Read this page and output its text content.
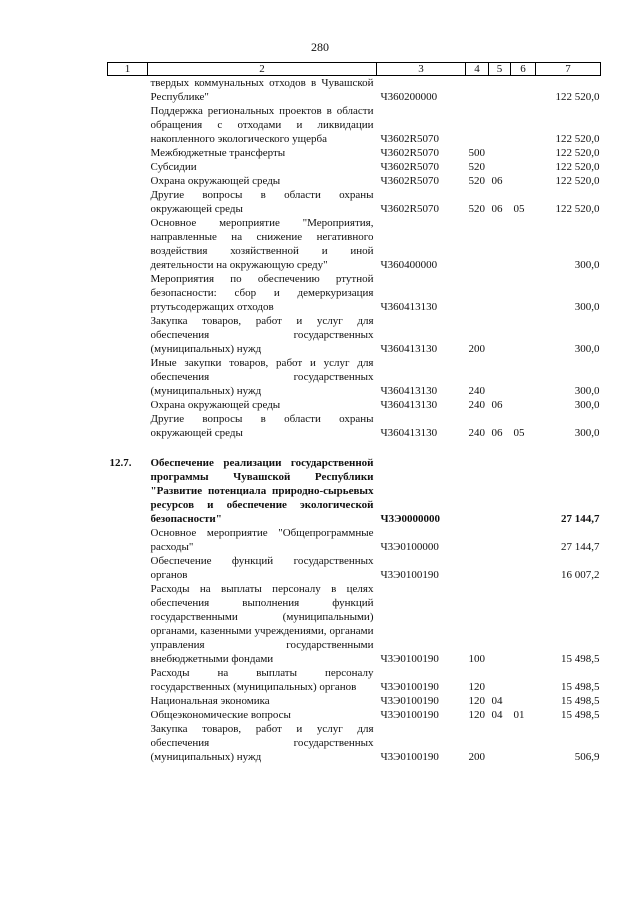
280
1	2	3	4	5	6	7
	твердых коммунальных отходов в Чувашской Республике"	Ч360200000				122 520,0
	Поддержка региональных проектов в области обращения с отходами и ликвидации накопленного экологического ущерба	Ч3602R5070				122 520,0
	Межбюджетные трансферты	Ч3602R5070	500			122 520,0
	Субсидии	Ч3602R5070	520			122 520,0
	Охрана окружающей среды	Ч3602R5070	520	06		122 520,0
	Другие вопросы в области охраны окружающей среды	Ч3602R5070	520	06	05	122 520,0
	Основное мероприятие "Мероприятия, направленные на снижение негативного воздействия хозяйственной и иной деятельности на окружающую среду"	Ч360400000				300,0
	Мероприятия по обеспечению ртутной безопасности: сбор и демеркуризация ртутьсодержащих отходов	Ч360413130				300,0
	Закупка товаров, работ и услуг для обеспечения государственных (муниципальных) нужд	Ч360413130	200			300,0
	Иные закупки товаров, работ и услуг для обеспечения государственных (муниципальных) нужд	Ч360413130	240			300,0
	Охрана окружающей среды	Ч360413130	240	06		300,0
	Другие вопросы в области охраны окружающей среды	Ч360413130	240	06	05	300,0

12.7.	Обеспечение реализации государственной программы Чувашской Республики "Развитие потенциала природно-сырьевых ресурсов и обеспечение экологической безопасности"	Ч3Э0000000				27 144,7
	Основное мероприятие "Общепрограммные расходы"	Ч3Э0100000				27 144,7
	Обеспечение функций государственных органов	Ч3Э0100190				16 007,2
	Расходы на выплаты персоналу в целях обеспечения выполнения функций государственными (муниципальными) органами, казенными учреждениями, органами управления государственными внебюджетными фондами	Ч3Э0100190	100			15 498,5
	Расходы на выплаты персоналу государственных (муниципальных) органов	Ч3Э0100190	120			15 498,5
	Национальная экономика	Ч3Э0100190	120	04		15 498,5
	Общеэкономические вопросы	Ч3Э0100190	120	04	01	15 498,5
	Закупка товаров, работ и услуг для обеспечения государственных (муниципальных) нужд	Ч3Э0100190	200			506,9
